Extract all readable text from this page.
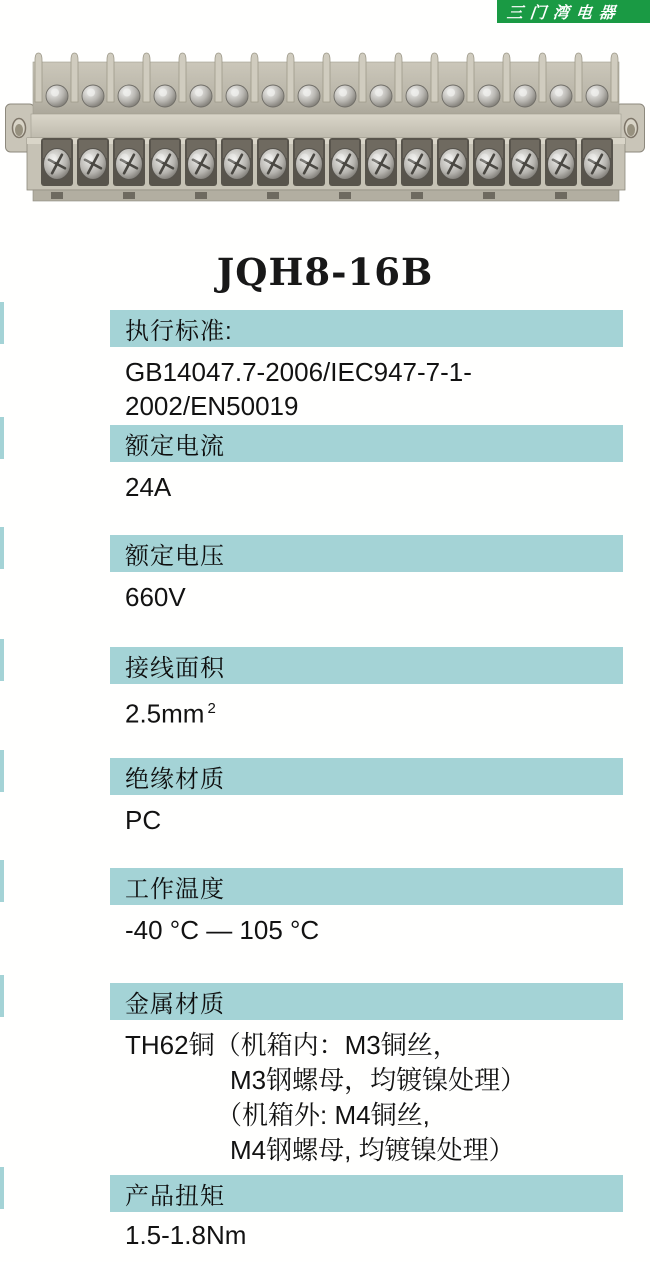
三门湾电器
JQH8-16B
执行标准:
GB14047.7-2006/IEC947-7-1-2002/EN50019
额定电流
24A
额定电压
660V
接线面积
2.5mm $^2$
绝缘材质
PC
工作温度
-40 °C — 105 °C
金属材质
TH62铜（机箱内：M3铜丝，
M3钢螺母，均镀镍处理）
（机箱外: M4铜丝,
M4钢螺母, 均镀镍处理）
产品扭矩
1.5-1.8Nm
